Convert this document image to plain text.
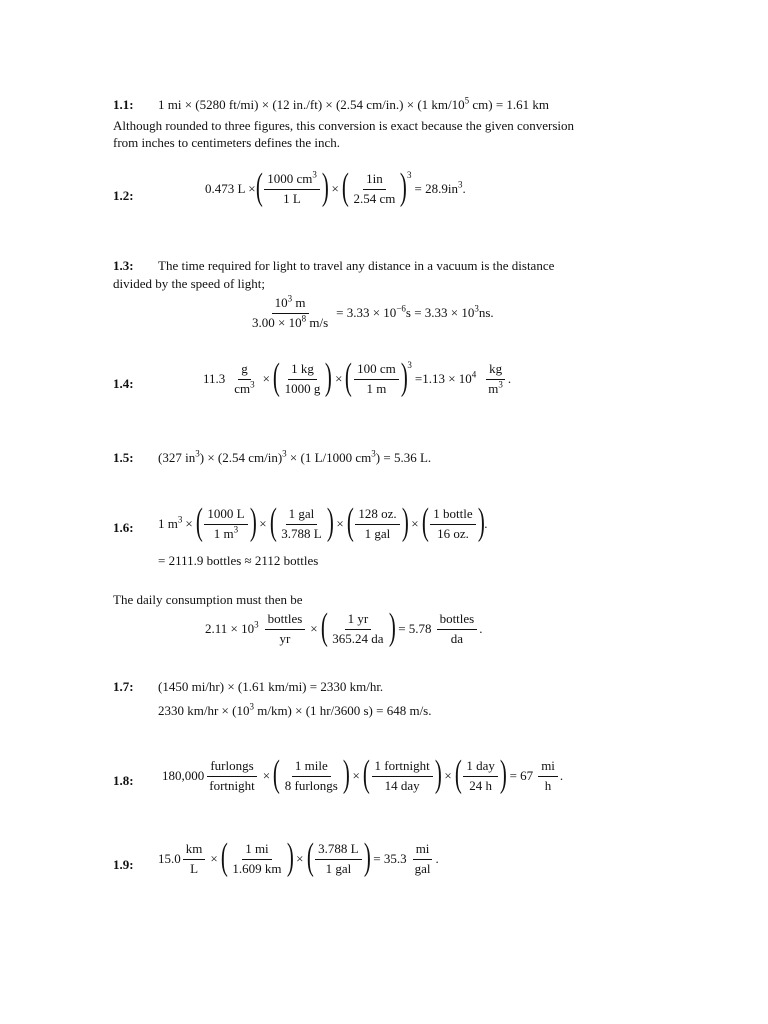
1.1: 1 mi × (5280 ft/mi) × (12 in./ft) × (2.54 cm/in.) × (1 $km/10^5$ cm) = 1.61 km
Although rounded to three figures, this conversion is exact because the given conversion
from inches to centimeters defines the inch.
1.2:	0.473 L × ( $\frac{1000 cm^3}{1 L}$ ) × ( $\frac{1in}{2.54 cm} )^3$
= $28.9in^3$.
1.3: The time required for light to travel any distance in a vacuum is the distance
divided by the speed of light;
$\frac{10^3 m}{3.00 \times 10^8 m/s} = 3.33 \times 10^{-6}s = 3.33 \times 10^3ns$.
1.4:	$11.3 \frac{g}{cm^3}$ × ( $\frac{1 kg}{1000 g}$ ) × ( $\frac{100 cm}{1 m} )^3$
$=1.13 \times 10^4 \frac{kg}{m^3}$ .
1.5: (327 $in^3) \times (2.54$ cm/in)$^3$ × (1 L/1000 $cm^3) = 5.36$ L.
1.6: 1 $m^3$ × ( $\frac{1000 L}{1 m^3}$ ) × ( $\frac{\text{1 gal}}{3.788 L}$ ) × ( $\frac{128 oz.}{\text{1 gal}}$ ) × ( $\frac{\text{1 bottle}}{16 oz.}$ ) .
= 2111.9 bottles ≈ 2112 bottles
The daily consumption must then be
$2.11 \times 10^3 \frac{\text{bottles}}{yr}$ × ( $\frac{1 yr}{365.24 da}$ ) = $5.78 \frac{\text{bottles}}{da}$ .
1.7: (1450 mi/hr) × (1.61 km/mi) = 2330 km/hr.
2330 $km/hr \times (10^3$ m/km) × (1 hr/3600 s) = 648 m/s.
1.8: $180,000 \frac{\text{furlongs}}{\text{fortnight}}$ × ( $\frac{\text{1 mile}}{\text{8 furlongs}}$ ) × ( $\frac{\text{1 fortnight}}{\text{14 day}}$ ) × ( $\frac{\text{1 day}}{24 h}$ ) = $67 \frac{mi}{h}$ .
1.9: $15.0 \frac{km}{L}$ × ( $\frac{1 mi}{1.609 km}$ ) × ( $\frac{3.788 L}{\text{1 gal}}$ ) = $35.3 \frac{mi}{\text{gal}}$ .
